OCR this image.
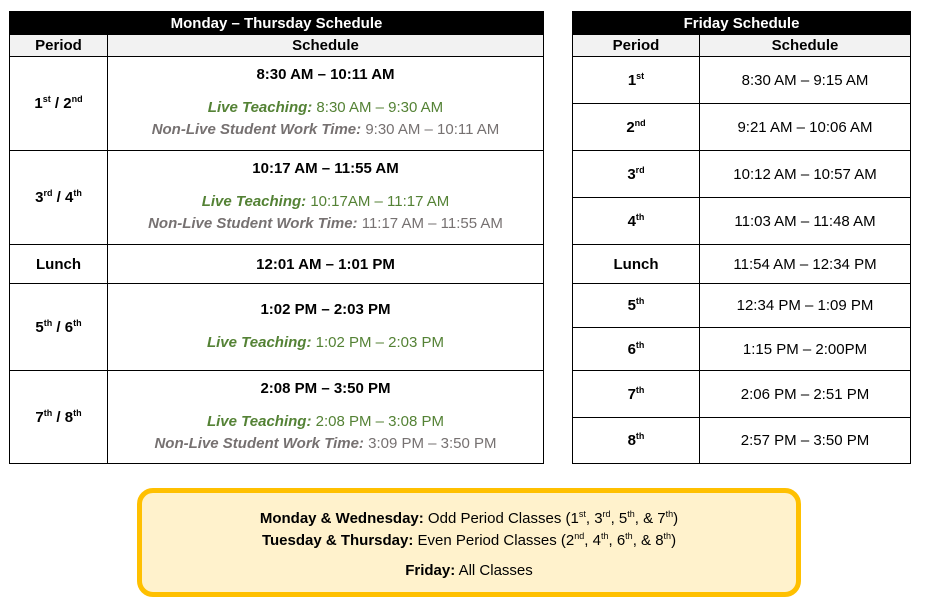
Monday – Thursday Schedule	
Period	Schedule
1st / 2nd	8:30 AM – 10:11 AM
Live Teaching: 8:30 AM – 9:30 AM
Non-Live Student Work Time: 9:30 AM – 10:11 AM

3rd / 4th	10:17 AM – 11:55 AM
Live Teaching: 10:17AM – 11:17 AM
Non-Live Student Work Time: 11:17 AM – 11:55 AM

Lunch	12:01 AM – 1:01 PM

5th / 6th	1:02 PM – 2:03 PM
Live Teaching: 1:02 PM – 2:03 PM

7th / 8th	2:08 PM – 3:50 PM
Live Teaching: 2:08 PM – 3:08 PM
Non-Live Student Work Time: 3:09 PM – 3:50 PM
Friday Schedule	
Period	Schedule
1st	8:30 AM – 9:15 AM
2nd	9:21 AM – 10:06 AM
3rd	10:12 AM – 10:57 AM
4th	11:03 AM – 11:48 AM
Lunch	11:54 AM – 12:34 PM
5th	12:34 PM – 1:09 PM
6th	1:15 PM – 2:00PM
7th	2:06 PM – 2:51 PM
8th	2:57 PM – 3:50 PM
Monday & Wednesday: Odd Period Classes (1st, 3rd, 5th, & 7th)
Tuesday & Thursday: Even Period Classes (2nd, 4th, 6th, & 8th)
Friday: All Classes
